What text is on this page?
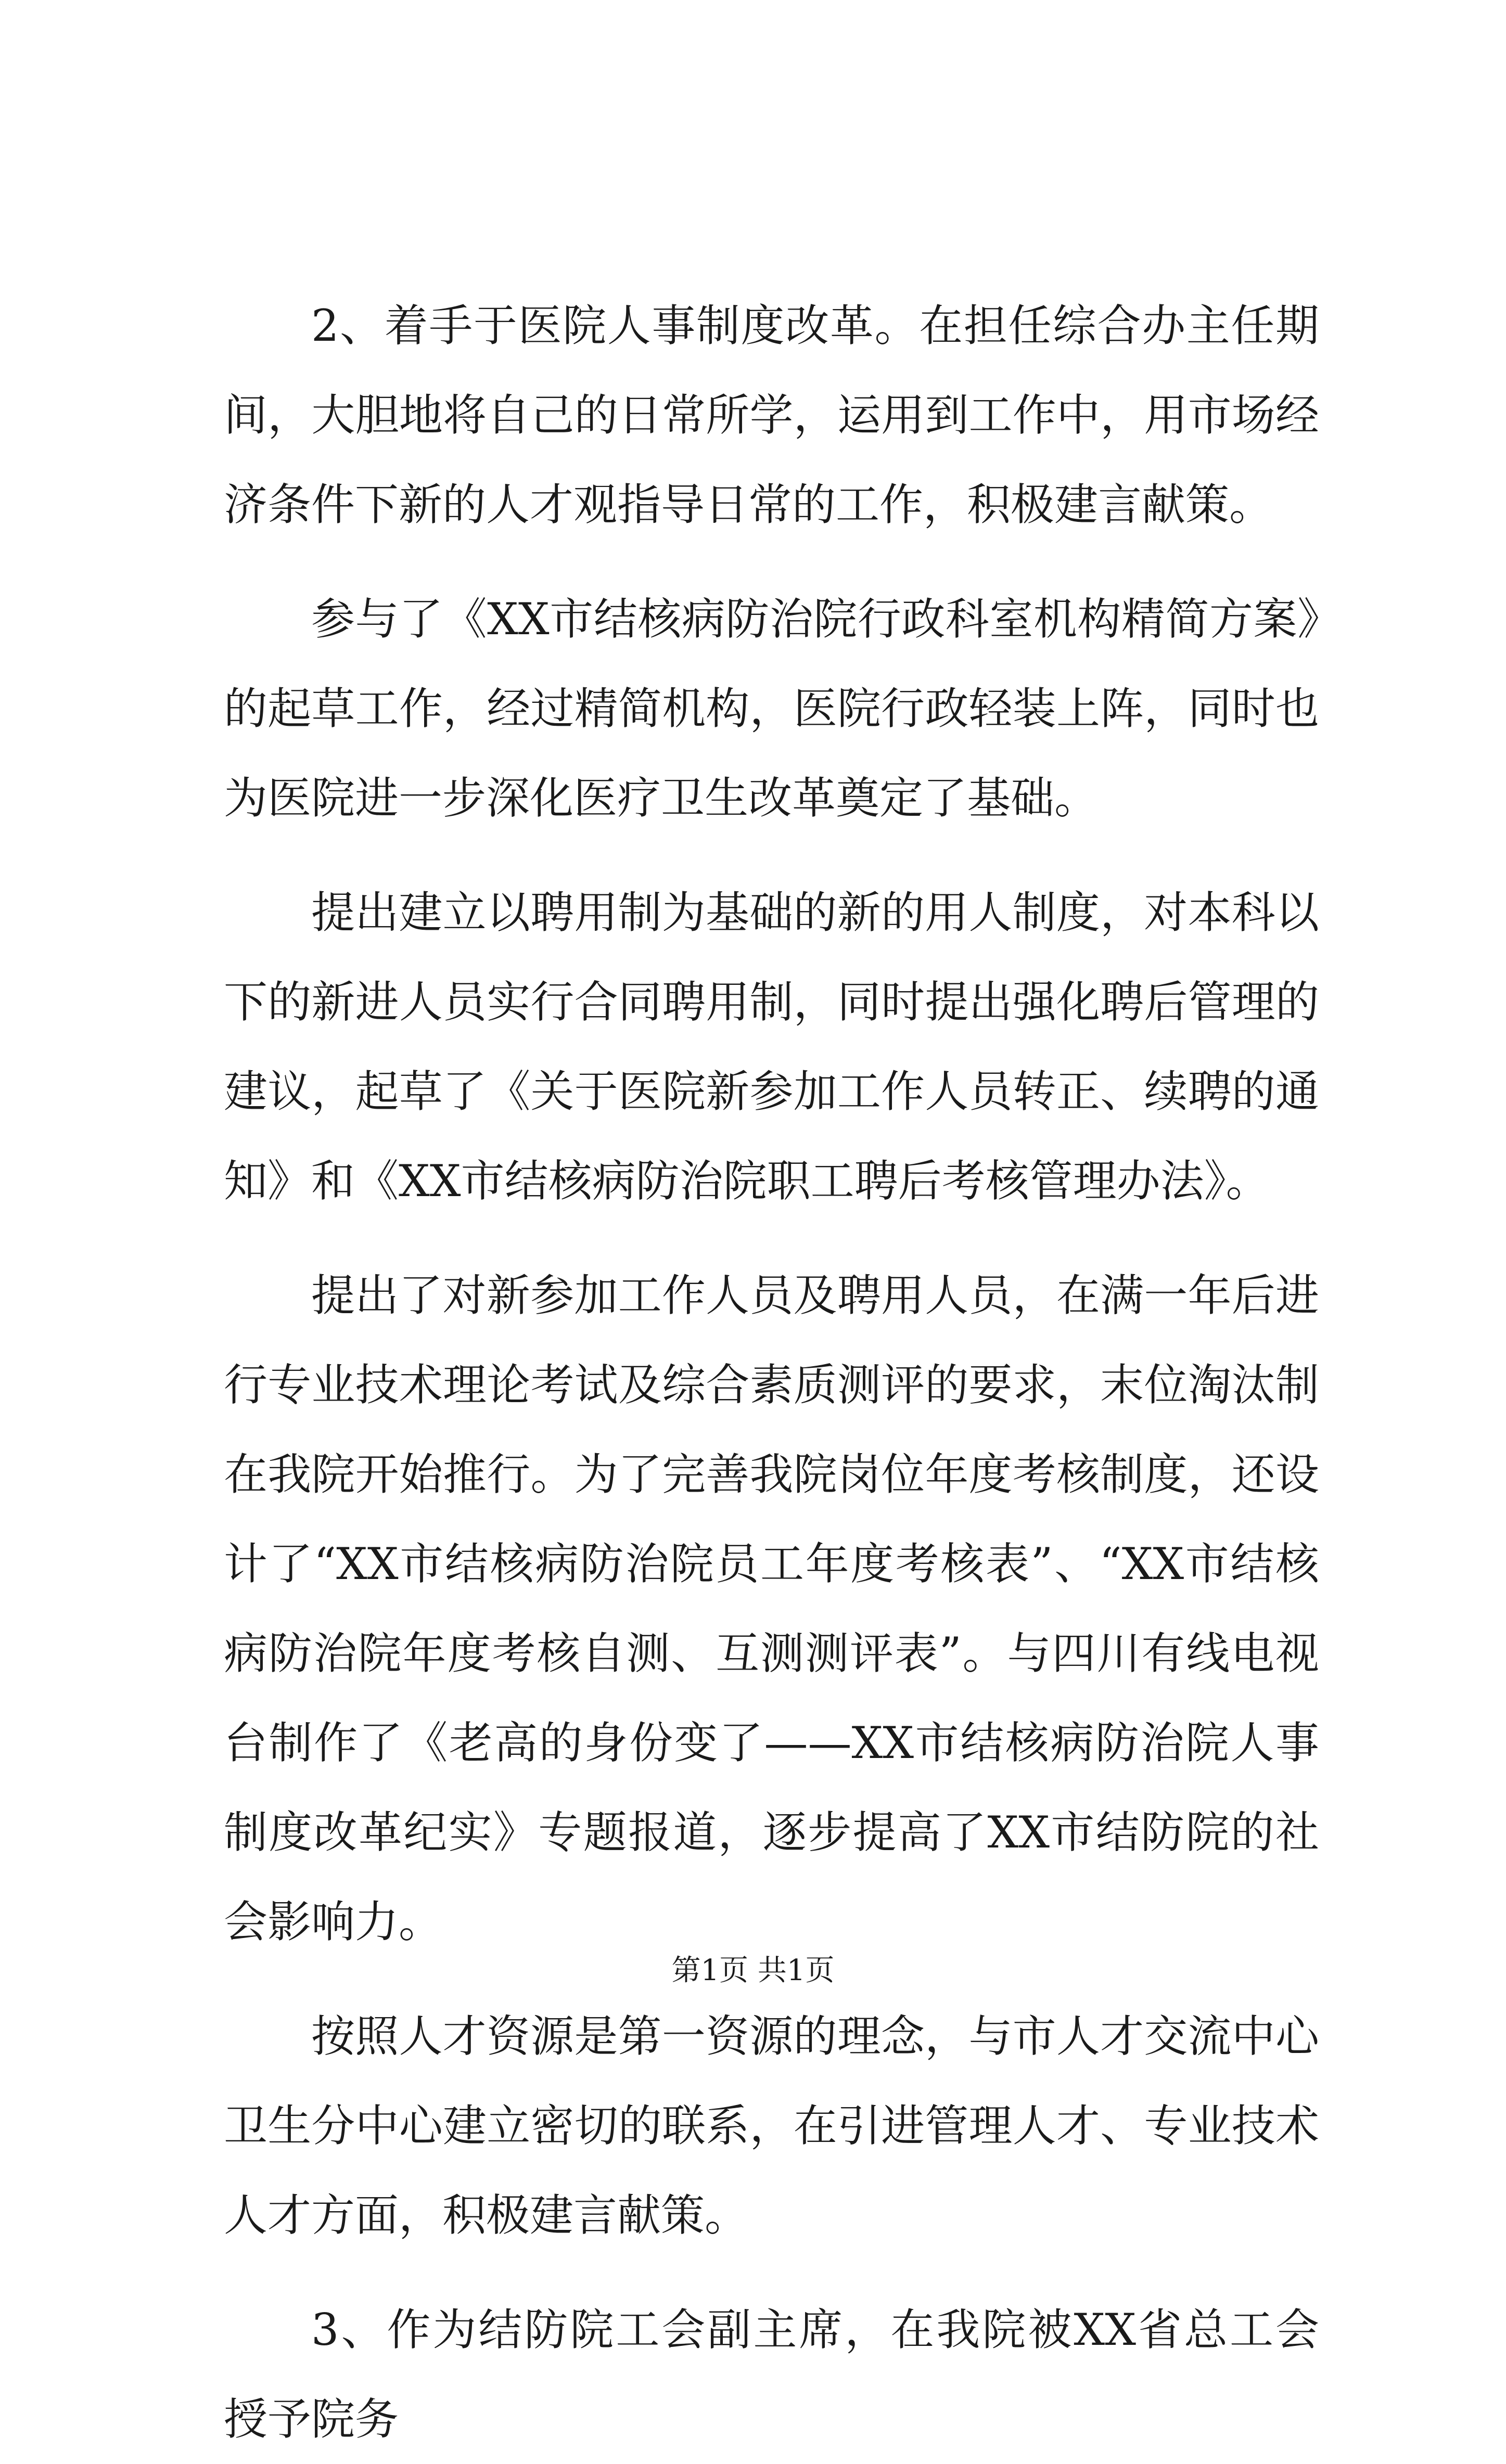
2、着手于医院人事制度改革。在担任综合办主任期间，大胆地将自己的日常所学，运用到工作中，用市场经济条件下新的人才观指导日常的工作，积极建言献策。

参与了《XX市结核病防治院行政科室机构精简方案》的起草工作，经过精简机构，医院行政轻装上阵，同时也为医院进一步深化医疗卫生改革奠定了基础。

提出建立以聘用制为基础的新的用人制度，对本科以下的新进人员实行合同聘用制，同时提出强化聘后管理的建议，起草了《关于医院新参加工作人员转正、续聘的通知》和《XX市结核病防治院职工聘后考核管理办法》。

提出了对新参加工作人员及聘用人员，在满一年后进行专业技术理论考试及综合素质测评的要求，末位淘汰制在我院开始推行。为了完善我院岗位年度考核制度，还设计了“XX市结核病防治院员工年度考核表”、“XX市结核病防治院年度考核自测、互测测评表”。与四川有线电视台制作了《老高的身份变了——XX市结核病防治院人事制度改革纪实》专题报道，逐步提高了XX市结防院的社会影响力。

按照人才资源是第一资源的理念，与市人才交流中心卫生分中心建立密切的联系，在引进管理人才、专业技术人才方面，积极建言献策。

3、作为结防院工会副主席，在我院被XX省总工会授予院务

第1页 共1页
